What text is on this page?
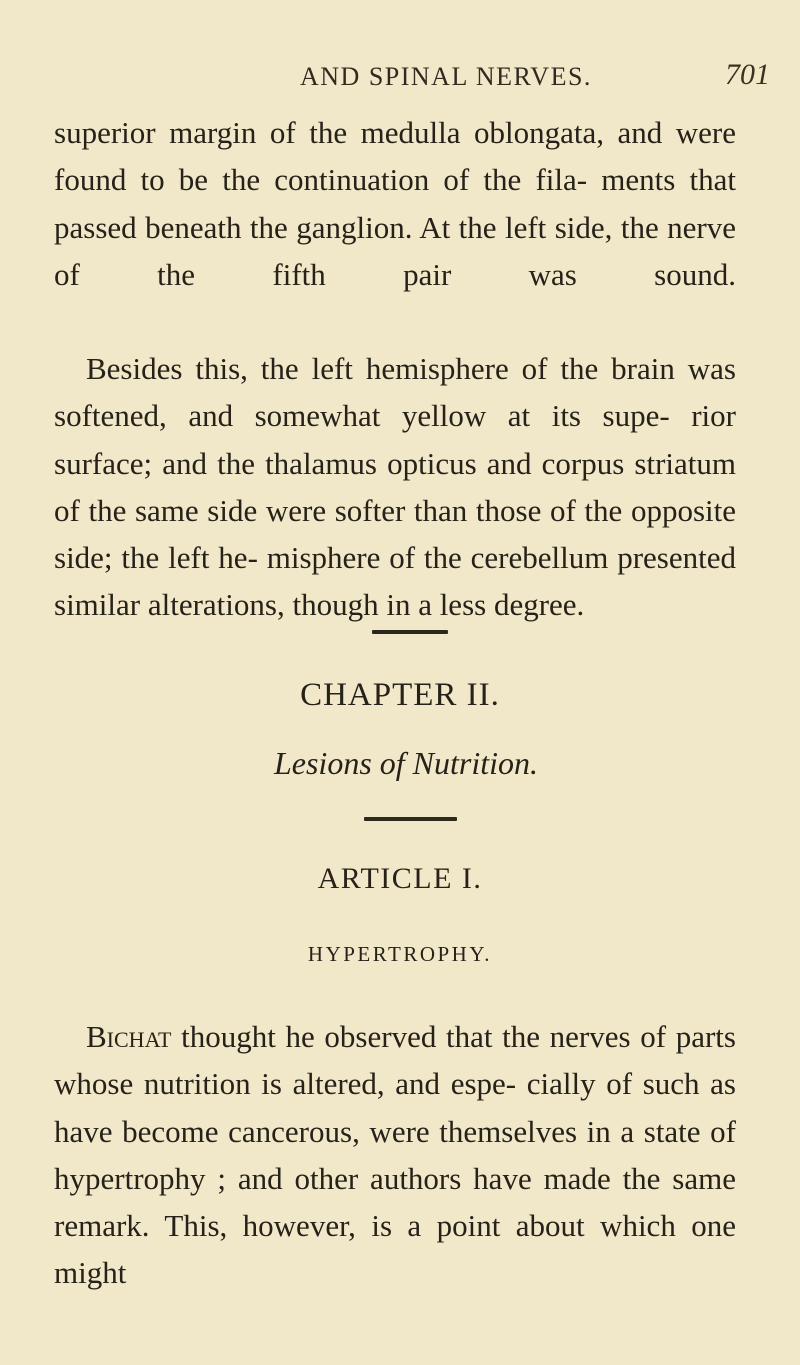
AND SPINAL NERVES.	701

superior margin of the medulla oblongata, and were found to be the continuation of the fila- ments that passed beneath the ganglion. At the left side, the nerve of the fifth pair was sound.

Besides this, the left hemisphere of the brain was softened, and somewhat yellow at its supe- rior surface; and the thalamus opticus and corpus striatum of the same side were softer than those of the opposite side; the left he- misphere of the cerebellum presented similar alterations, though in a less degree.

CHAPTER II.

Lesions of Nutrition.

ARTICLE I.

HYPERTROPHY.

Bichat thought he observed that the nerves of parts whose nutrition is altered, and espe- cially of such as have become cancerous, were themselves in a state of hypertrophy ; and other authors have made the same remark. This, however, is a point about which one might
